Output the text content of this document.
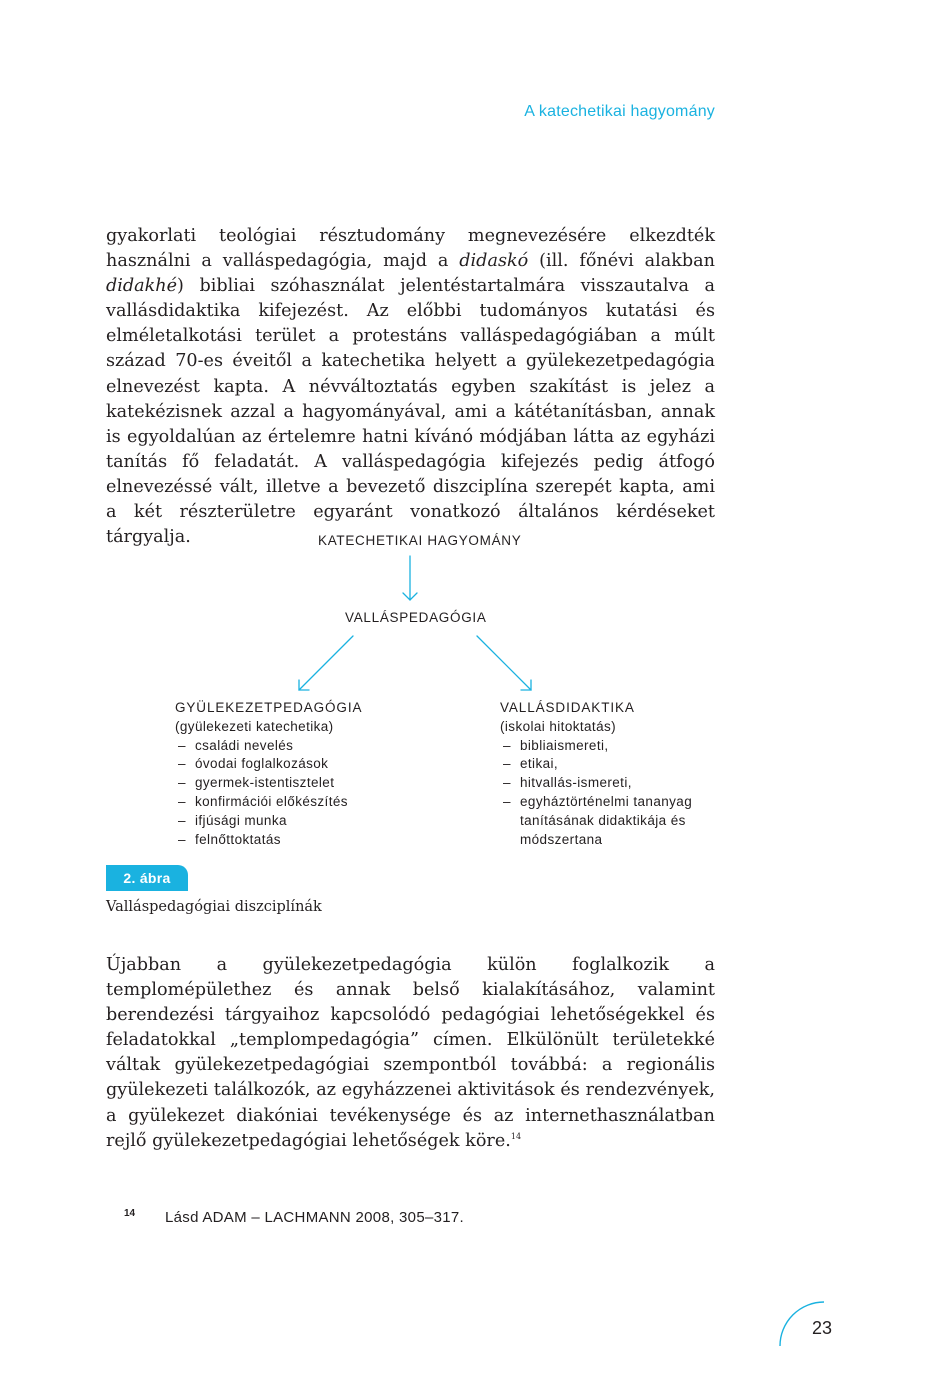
A katechetikai hagyomány

gyakorlati teológiai résztudomány megnevezésére elkezdték használni a valláspedagógia, majd a didaskó (ill. főnévi alakban didakhé) bibliai szóhasználat jelentéstartalmára visszautalva a vallásdidaktika kifejezést. Az előbbi tudományos kutatási és elméletalkotási terület a protestáns valláspedagógiában a múlt század 70-es éveitől a katechetika helyett a gyülekezetpedagógia elnevezést kapta. A névváltoztatás egyben szakítást is jelez a katekézisnek azzal a hagyományával, ami a kátétanításban, annak is egyoldalúan az értelemre hatni kívánó módjában látta az egyházi tanítás fő feladatát. A valláspedagógia kifejezés pedig átfogó elnevezéssé vált, illetve a bevezető diszciplína szerepét kapta, ami a két részterületre egyaránt vonatkozó általános kérdéseket tárgyalja.	KATECHETIKAI HAGYOMÁNY
VALLÁSPEDAGÓGIA
GYÜLEKEZETPEDAGÓGIA
(gyülekezeti katechetika)
– családi nevelés
– óvodai foglalkozások
– gyermek-istentisztelet
– konfirmációi előkészítés
– ifjúsági munka
– felnőttoktatás
VALLÁSDIDAKTIKA
(iskolai hitoktatás)
– bibliaismereti,
– etikai,
– hitvallás-ismereti,
– egyháztörténelmi tananyag tanításának didaktikája és módszertana
2. ábra
Valláspedagógiai diszciplínák

Újabban a gyülekezetpedagógia külön foglalkozik a templomépülethez és annak belső kialakításához, valamint berendezési tárgyaihoz kapcsolódó pedagógiai lehetőségekkel és feladatokkal „templompedagógia” címen. Elkülönült területekké váltak gyülekezetpedagógiai szempontból továbbá: a regionális gyülekezeti találkozók, az egyházzenei aktivitások és rendezvények, a gyülekezet diakóniai tevékenysége és az internethasználatban rejlő gyülekezetpedagógiai lehetőségek köre.$^{14}$

14 Lásd ADAM – LACHMANN 2008, 305–317.
23
